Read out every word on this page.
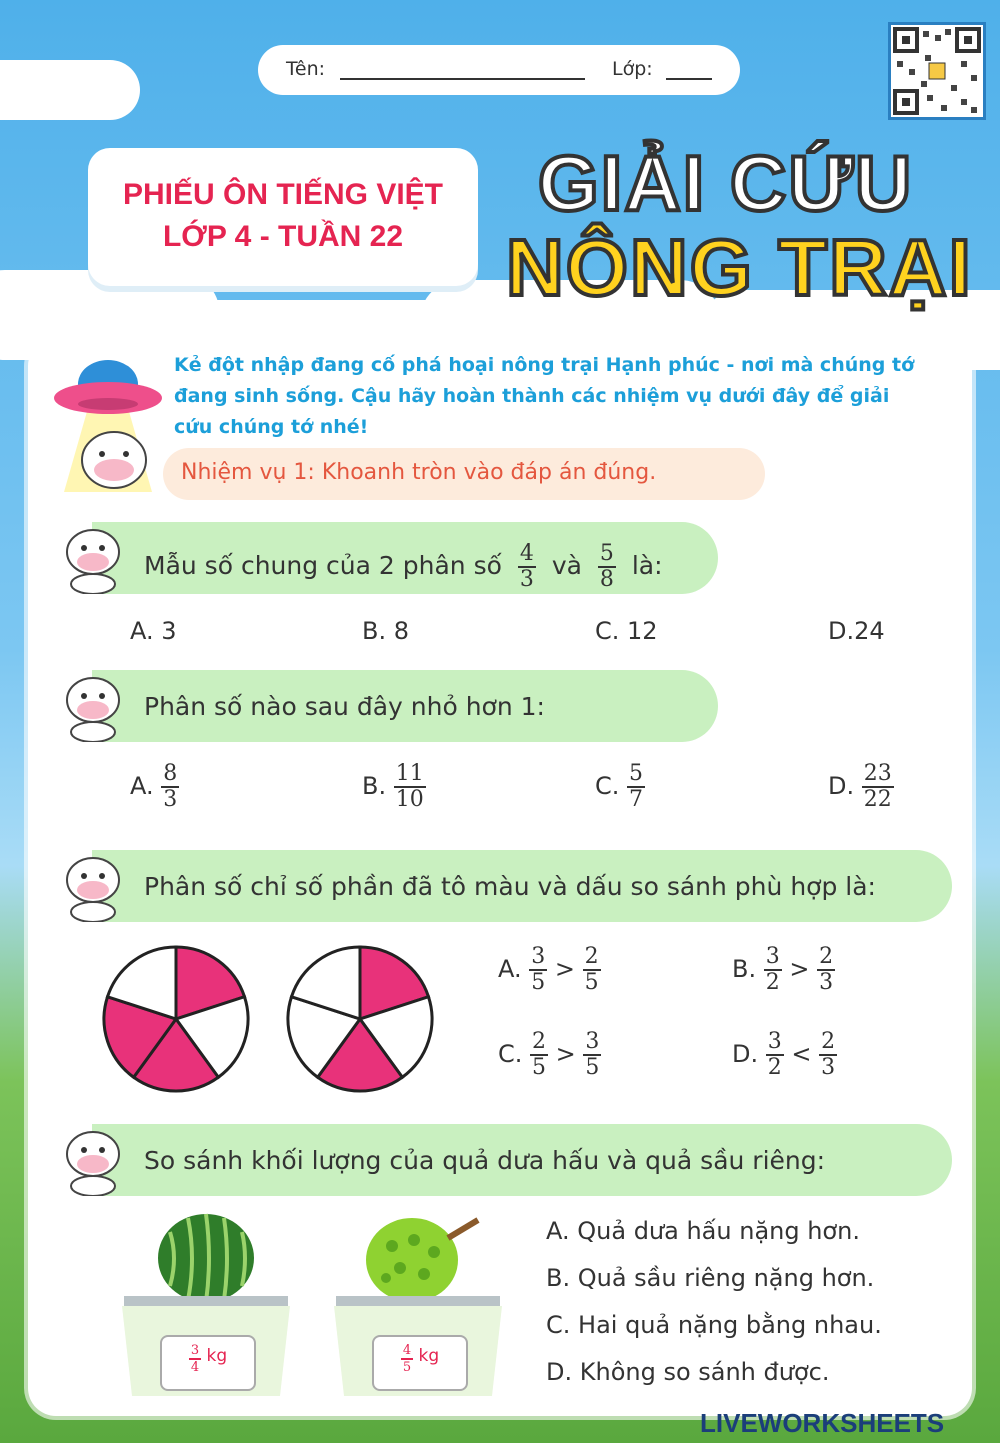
Tên:	Lớp:
PHIẾU ÔN TIẾNG VIỆT
LỚP 4 - TUẦN 22
GIẢI CỨU
NÔNG TRẠI
Kẻ đột nhập đang cố phá hoại nông trại Hạnh phúc - nơi mà chúng tớ đang sinh sống. Cậu hãy hoàn thành các nhiệm vụ dưới đây để giải cứu chúng tớ nhé!
Nhiệm vụ 1: Khoanh tròn vào đáp án đúng.
Mẫu số chung của 2 phân số $\frac{4}{3}$ và $\frac{5}{8}$ là:
A. 3	B. 8	C. 12	D.24
Phân số nào sau đây nhỏ hơn 1:
A. $\frac{8}{3}$	B. $\frac{11}{10}$	C. $\frac{5}{7}$	D. $\frac{23}{22}$
Phân số chỉ số phần đã tô màu và dấu so sánh phù hợp là:
A. $\frac{3}{5} > \frac{2}{5}$	B. $\frac{3}{2} > \frac{2}{3}$
C. $\frac{2}{5} > \frac{3}{5}$	D. $\frac{3}{2} < \frac{2}{3}$
So sánh khối lượng của quả dưa hấu và quả sầu riêng:
$\frac{3}{4}$ kg	$\frac{4}{5}$ kg
A. Quả dưa hấu nặng hơn.
B. Quả sầu riêng nặng hơn.
C. Hai quả nặng bằng nhau.
D. Không so sánh được.
LIVEWORKSHEETS
